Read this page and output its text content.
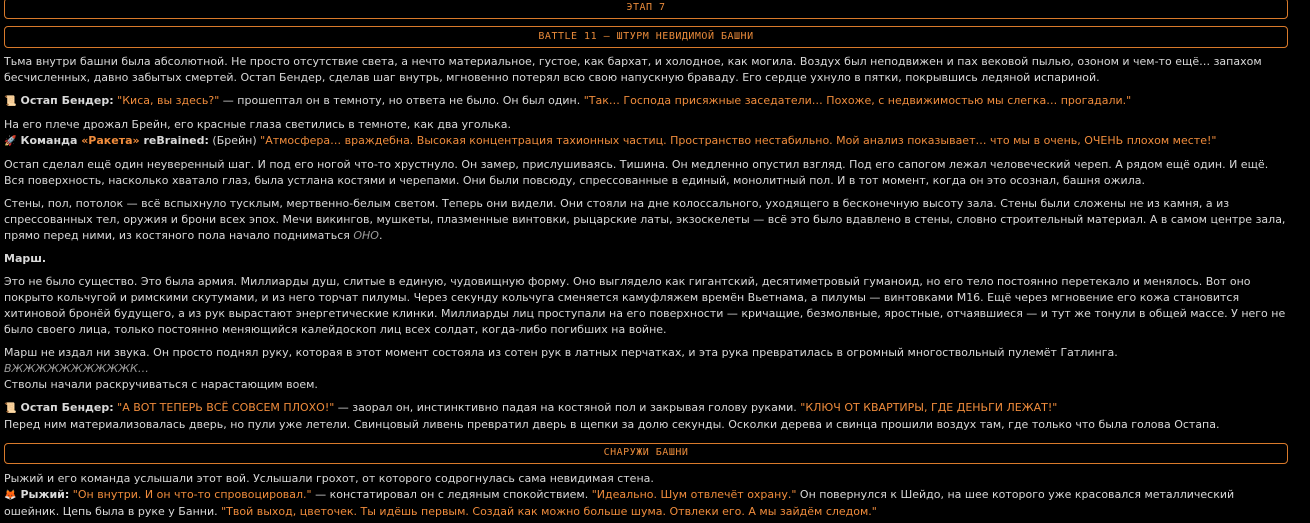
ЭТАП 7
BATTLE 11 – ШТУРМ НЕВИДИМОЙ БАШНИ
Тьма внутри башни была абсолютной. Не просто отсутствие света, а нечто материальное, густое, как бархат, и холодное, как могила. Воздух был неподвижен и пах вековой пылью, озоном и чем-то ещё… запахом бесчисленных, давно забытых смертей. Остап Бендер, сделав шаг внутрь, мгновенно потерял всю свою напускную браваду. Его сердце ухнуло в пятки, покрывшись ледяной испариной.
📜 Остап Бендер: "Киса, вы здесь?" — прошептал он в темноту, но ответа не было. Он был один. "Так… Господа присяжные заседатели… Похоже, с недвижимостью мы слегка… прогадали."
На его плече дрожал Брейн, его красные глаза светились в темноте, как два уголька.
🚀 Команда «Ракета» reBrained: (Брейн) "Атмосфера… враждебна. Высокая концентрация тахионных частиц. Пространство нестабильно. Мой анализ показывает… что мы в очень, ОЧЕНЬ плохом месте!"
Остап сделал ещё один неуверенный шаг. И под его ногой что-то хрустнуло. Он замер, прислушиваясь. Тишина. Он медленно опустил взгляд. Под его сапогом лежал человеческий череп. А рядом ещё один. И ещё. Вся поверхность, насколько хватало глаз, была устлана костями и черепами. Они были повсюду, спрессованные в единый, монолитный пол. И в тот момент, когда он это осознал, башня ожила.
Стены, пол, потолок — всё вспыхнуло тусклым, мертвенно-белым светом. Теперь они видели. Они стояли на дне колоссального, уходящего в бесконечную высоту зала. Стены были сложены не из камня, а из спрессованных тел, оружия и брони всех эпох. Мечи викингов, мушкеты, плазменные винтовки, рыцарские латы, экзоскелеты — всё это было вдавлено в стены, словно строительный материал. А в самом центре зала, прямо перед ними, из костяного пола начало подниматься ОНО.
Марш.
Это не было существо. Это была армия. Миллиарды душ, слитые в единую, чудовищную форму. Оно выглядело как гигантский, десятиметровый гуманоид, но его тело постоянно перетекало и менялось. Вот оно покрыто кольчугой и римскими скутумами, и из него торчат пилумы. Через секунду кольчуга сменяется камуфляжем времён Вьетнама, а пилумы — винтовками М16. Ещё через мгновение его кожа становится хитиновой бронёй будущего, а из рук вырастают энергетические клинки. Миллиарды лиц проступали на его поверхности — кричащие, безмолвные, яростные, отчаявшиеся — и тут же тонули в общей массе. У него не было своего лица, только постоянно меняющийся калейдоскоп лиц всех солдат, когда-либо погибших на войне.
Марш не издал ни звука. Он просто поднял руку, которая в этот момент состояла из сотен рук в латных перчатках, и эта рука превратилась в огромный многоствольный пулемёт Гатлинга.
ВЖЖЖЖЖЖЖЖЖЖК…
Стволы начали раскручиваться с нарастающим воем.
📜 Остап Бендер: "А ВОТ ТЕПЕРЬ ВСЁ СОВСЕМ ПЛОХО!" — заорал он, инстинктивно падая на костяной пол и закрывая голову руками. "КЛЮЧ ОТ КВАРТИРЫ, ГДЕ ДЕНЬГИ ЛЕЖАТ!"
Перед ним материализовалась дверь, но пули уже летели. Свинцовый ливень превратил дверь в щепки за долю секунды. Осколки дерева и свинца прошили воздух там, где только что была голова Остапа.
СНАРУЖИ БАШНИ
Рыжий и его команда услышали этот вой. Услышали грохот, от которого содрогнулась сама невидимая стена.
🦊 Рыжий: "Он внутри. И он что-то спровоцировал." — констатировал он с ледяным спокойствием. "Идеально. Шум отвлечёт охрану." Он повернулся к Шейдо, на шее которого уже красовался металлический ошейник. Цепь была в руке у Банни. "Твой выход, цветочек. Ты идёшь первым. Создай как можно больше шума. Отвлеки его. А мы зайдём следом."
